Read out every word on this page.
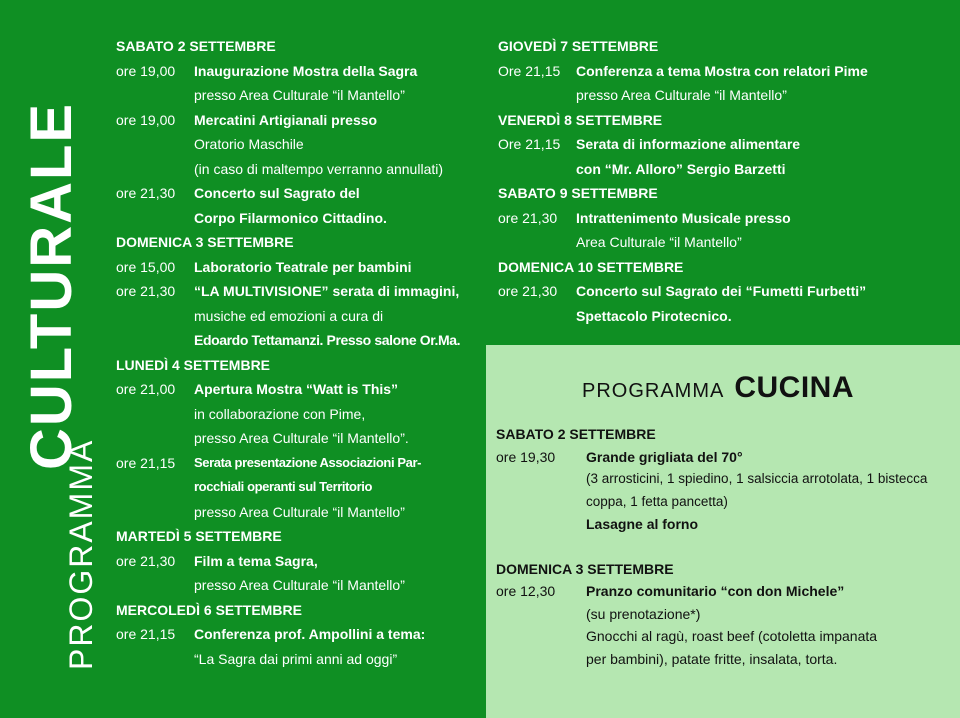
PROGRAMMA
CULTURALE
SABATO 2 SETTEMBRE
ore 19,00	Inaugurazione Mostra della Sagra
presso Area Culturale “il Mantello”
ore 19,00	Mercatini Artigianali presso
Oratorio Maschile
(in caso di maltempo verranno annullati)
ore 21,30	Concerto sul Sagrato del
Corpo Filarmonico Cittadino.
DOMENICA 3 SETTEMBRE
ore 15,00	Laboratorio Teatrale per bambini
ore 21,30	“LA MULTIVISIONE” serata di immagini,
musiche ed emozioni a cura di
Edoardo Tettamanzi. Presso salone Or.Ma.
LUNEDÌ 4 SETTEMBRE
ore 21,00	Apertura Mostra “Watt is This”
in collaborazione con Pime,
presso Area Culturale “il Mantello”.
ore 21,15	Serata presentazione Associazioni Par-
rocchiali operanti sul Territorio
presso Area Culturale “il Mantello”
MARTEDÌ 5 SETTEMBRE
ore 21,30	Film a tema Sagra,
presso Area Culturale “il Mantello”
MERCOLEDÌ 6 SETTEMBRE
ore 21,15	Conferenza prof. Ampollini a tema:
“La Sagra dai primi anni ad oggi”
GIOVEDÌ 7 SETTEMBRE
Ore 21,15	Conferenza a tema Mostra con relatori Pime
presso Area Culturale “il Mantello”
VENERDÌ 8 SETTEMBRE
Ore 21,15	Serata di informazione alimentare
con “Mr. Alloro” Sergio Barzetti
SABATO 9 SETTEMBRE
ore 21,30	Intrattenimento Musicale presso
Area Culturale “il Mantello”
DOMENICA 10 SETTEMBRE
ore 21,30	Concerto sul Sagrato dei “Fumetti Furbetti”
Spettacolo Pirotecnico.
PROGRAMMA CUCINA
SABATO 2 SETTEMBRE
ore 19,30	Grande grigliata del 70°
(3 arrosticini, 1 spiedino, 1 salsiccia arrotolata, 1 bistecca
coppa, 1 fetta pancetta)
Lasagne al forno
DOMENICA 3 SETTEMBRE
ore 12,30	Pranzo comunitario “con don Michele”
(su prenotazione*)
Gnocchi al ragù, roast beef (cotoletta impanata
per bambini), patate fritte, insalata, torta.
